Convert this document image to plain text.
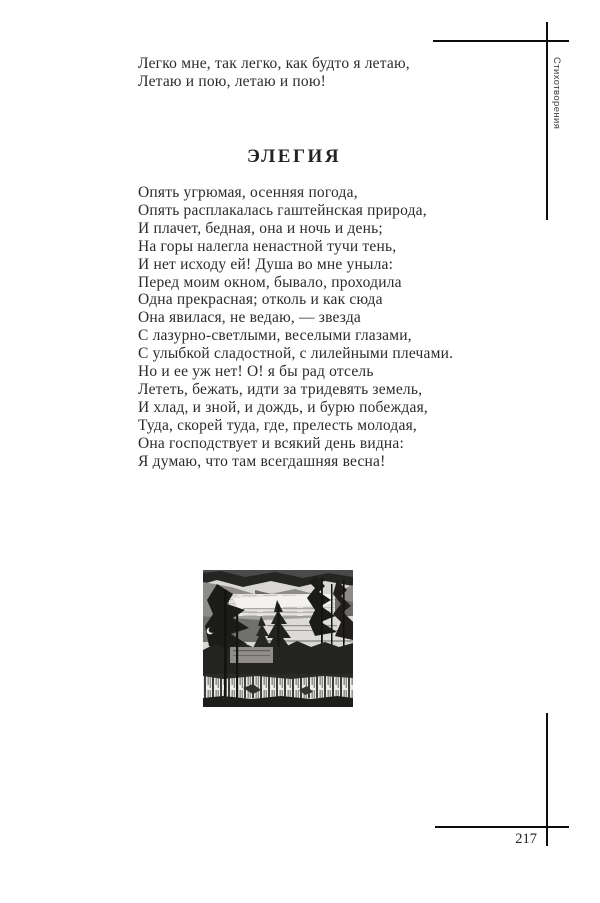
Легко мне, так легко, как будто я летаю,
Летаю и пою, летаю и пою!	Стихотворения
ЭЛЕГИЯ
Опять угрюмая, осенняя погода,
Опять расплакалась гаштейнская природа,
И плачет, бедная, она и ночь и день;
На горы налегла ненастной тучи тень,
И нет исходу ей! Душа во мне уныла:
Перед моим окном, бывало, проходила
Одна прекрасная; отколь и как сюда
Она явилася, не ведаю, — звезда
С лазурно-светлыми, веселыми глазами,
С улыбкой сладостной, с лилейными плечами.
Но и ее уж нет! О! я бы рад отсель
Лететь, бежать, идти за тридевять земель,
И хлад, и зной, и дождь, и бурю побеждая,
Туда, скорей туда, где, прелесть молодая,
Она господствует и всякий день видна:
Я думаю, что там всегдашняя весна!
217
